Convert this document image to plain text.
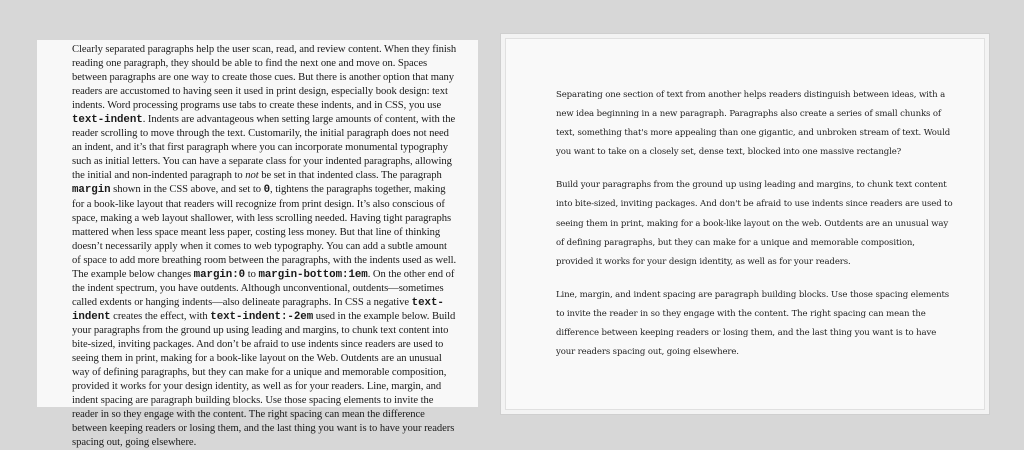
Clearly separated paragraphs help the user scan, read, and review content. When they finish reading one paragraph, they should be able to find the next one and move on. Spaces between paragraphs are one way to create those cues. But there is another option that many readers are accustomed to having seen it used in print design, especially book design: text indents. Word processing programs use tabs to create these indents, and in CSS, you use text-indent. Indents are advantageous when setting large amounts of content, with the reader scrolling to move through the text. Customarily, the initial paragraph does not need an indent, and it’s that first paragraph where you can incorporate monumental typography such as initial letters. You can have a separate class for your indented paragraphs, allowing the initial and non-indented paragraph to not be set in that indented class. The paragraph margin shown in the CSS above, and set to 0, tightens the paragraphs together, making for a book-like layout that readers will recognize from print design. It’s also conscious of space, making a web layout shallower, with less scrolling needed. Having tight paragraphs mattered when less space meant less paper, costing less money. But that line of thinking doesn’t necessarily apply when it comes to web typography. You can add a subtle amount of space to add more breathing room between the paragraphs, with the indents used as well. The example below changes margin:0 to margin-bottom:1em. On the other end of the indent spectrum, you have outdents. Although unconventional, outdents—sometimes called exdents or hanging indents—also delineate paragraphs. In CSS a negative text-indent creates the effect, with text-indent:-2em used in the example below. Build your paragraphs from the ground up using leading and margins, to chunk text content into bite-sized, inviting packages. And don’t be afraid to use indents since readers are used to seeing them in print, making for a book-like layout on the Web. Outdents are an unusual way of defining paragraphs, but they can make for a unique and memorable composition, provided it works for your design identity, as well as for your readers. Line, margin, and indent spacing are paragraph building blocks. Use those spacing elements to invite the reader in so they engage with the content. The right spacing can mean the difference between keeping readers or losing them, and the last thing you want is to have your readers spacing out, going elsewhere.

Separating one section of text from another helps readers distinguish between ideas, with a new idea beginning in a new paragraph. Paragraphs also create a series of small chunks of text, something that's more appealing than one gigantic, and unbroken stream of text. Would you want to take on a closely set, dense text, blocked into one massive rectangle?

Build your paragraphs from the ground up using leading and margins, to chunk text content into bite-sized, inviting packages. And don't be afraid to use indents since readers are used to seeing them in print, making for a book-like layout on the web. Outdents are an unusual way of defining paragraphs, but they can make for a unique and memorable composition, provided it works for your design identity, as well as for your readers.

Line, margin, and indent spacing are paragraph building blocks. Use those spacing elements to invite the reader in so they engage with the content. The right spacing can mean the difference between keeping readers or losing them, and the last thing you want is to have your readers spacing out, going elsewhere.
